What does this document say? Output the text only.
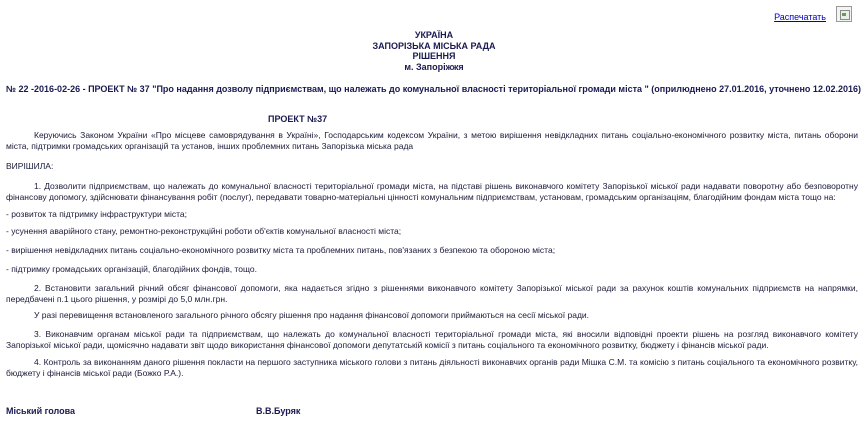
Распечатать
УКРАЇНА
ЗАПОРІЗЬКА МІСЬКА РАДА
РІШЕННЯ
м. Запоріжжя
№ 22 -2016-02-26 - ПРОЕКТ № 37 "Про надання дозволу підприємствам, що належать до комунальної власності територіальної громади міста " (оприлюднено 27.01.2016, уточнено 12.02.2016)
ПРОЕКТ №37
Керуючись Законом України «Про місцеве самоврядування в Україні», Господарським кодексом України, з метою вирішення невідкладних питань соціально-економічного розвитку міста, питань оборони міста, підтримки громадських організацій та установ, інших проблемних питань Запорізька міська рада
ВИРІШИЛА:
1. Дозволити підприємствам, що належать до комунальної власності територіальної громади міста, на підставі рішень виконавчого комітету Запорізької міської ради надавати поворотну або безповоротну фінансову допомогу, здійснювати фінансування робіт (послуг), передавати товарно-матеріальні цінності комунальним підприємствам, установам, громадським організаціям, благодійним фондам міста тощо на:
- розвиток та підтримку інфраструктури міста;
- усунення аварійного стану, ремонтно-реконструкційні роботи об'єктів комунальної власності міста;
- вирішення невідкладних питань соціально-економічного розвитку міста та проблемних питань, пов'язаних з безпекою та обороною міста;
- підтримку громадських організацій, благодійних фондів, тощо.
2. Встановити загальний річний обсяг фінансової допомоги, яка надається згідно з рішеннями виконавчого комітету Запорізької міської ради за рахунок коштів комунальних підприємств на напрямки, передбачені п.1 цього рішення, у розмірі до 5,0 млн.грн.
У разі перевищення встановленого загального річного обсягу рішення про надання фінансової допомоги приймаються на сесії міської ради.
3. Виконавчим органам міської ради та підприємствам, що належать до комунальної власності територіальної громади міста, які вносили відповідні проекти рішень на розгляд виконавчого комітету Запорізької міської ради, щомісячно надавати звіт щодо використання фінансової допомоги депутатській комісії з питань соціального та економічного розвитку, бюджету і фінансів міської ради.
4. Контроль за виконанням даного рішення покласти на першого заступника міського голови з питань діяльності виконавчих органів ради Мішка С.М. та комісію з питань соціального та економічного розвитку, бюджету і фінансів міської ради (Божко Р.А.).
Міський голова	В.В.Буряк
